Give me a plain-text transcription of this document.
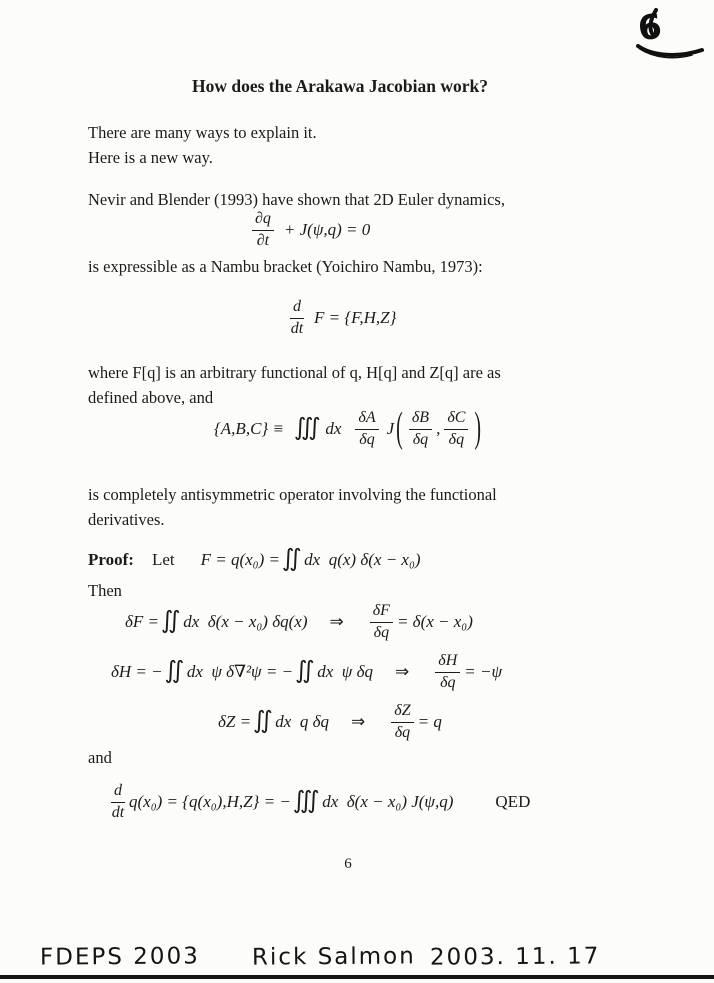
6
How does the Arakawa Jacobian work?
There are many ways to explain it.
Here is a new way.
Nevir and Blender (1993) have shown that 2D Euler dynamics,
$\frac{\partial q}{\partial t} + J(\psi,q) = 0$
is expressible as a Nambu bracket (Yoichiro Nambu, 1973):
$\frac{d}{dt}$ F = {F,H,Z}
where F[q] is an arbitrary functional of q, H[q] and Z[q] are as
defined above, and
{A,B,C} ≡ ∫∫∫ dx $\frac{\delta A}{\delta q}$ J ( $\frac{\delta B}{\delta q}$ , $\frac{\delta C}{\delta q}$ )
is completely antisymmetric operator involving the functional
derivatives.
Proof: Let F = q(x₀) = ∫∫ dx  q(x) δ(x − x₀)
Then
δF = ∫∫ dx  δ(x − x₀) δq(x) ⇒ $\frac{\delta F}{\delta q} = \delta(x - x_0)$
δH = − ∫∫ dx  ψ δ∇²ψ = − ∫∫ dx  ψ δq ⇒ $\frac{\delta H}{\delta q} = -\psi$
δZ = ∫∫ dx  q δq ⇒ $\frac{\delta Z}{\delta q} = q$
and
$\frac{d}{dt} q(x_0) = \{q(x_0),H,Z\}$ = − ∫∫∫ dx  δ(x − x₀) J(ψ,q) QED
6
FDEPS 2003 Rick Salmon 2003. 11. 17
